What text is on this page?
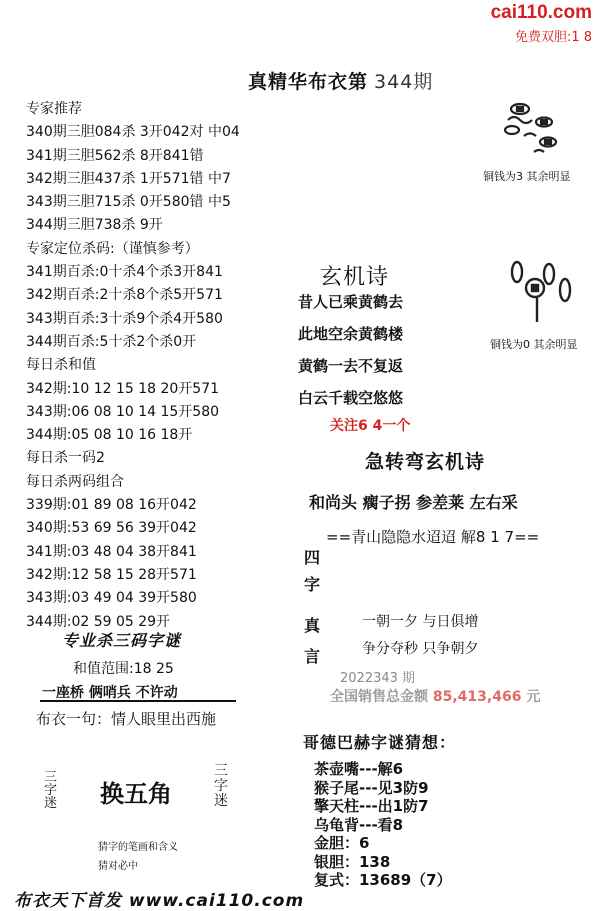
cai110.com
免费双胆:1 8
真精华布衣第 344期
专家推荐
340期三胆084杀 3开042对 中04
341期三胆562杀 8开841错
342期三胆437杀 1开571错 中7
343期三胆715杀 0开580错 中5
344期三胆738杀 9开
专家定位杀码:（谨慎参考）
341期百杀:0十杀4个杀3开841
342期百杀:2十杀8个杀5开571
343期百杀:3十杀9个杀4开580
344期百杀:5十杀2个杀0开
每日杀和值
342期:10 12 15 18 20开571
343期:06 08 10 14 15开580
344期:05 08 10 16 18开
每日杀一码2
每日杀两码组合
339期:01 89 08 16开042
340期:53 69 56 39开042
341期:03 48 04 38开841
342期:12 58 15 28开571
343期:03 49 04 39开580
344期:02 59 05 29开
铜钱为3 其余明显
铜钱为0 其余明显
玄机诗
昔人已乘黄鹤去
此地空余黄鹤楼
黄鹤一去不复返
白云千载空悠悠
关注6 4一个
急转弯玄机诗
和尚头 瘸子拐 参差莱 左右采
==青山隐隐水迢迢 解8 1 7==
四
字
真
言
一朝一夕 与日俱增
争分夺秒 只争朝夕
2022343 期
全国销售总金额 85,413,466 元
哥德巴赫字谜猜想：
茶壶嘴---解6
猴子尾---见3防9
擎天柱---出1防7
乌龟背---看8
金胆：6
银胆：138
复式：13689（7）
专业杀三码字谜
和值范围:18 25
一座桥 俩哨兵 不许动
布衣一句：情人眼里出西施
三
字
迷 换五角
三
字
迷
猜字的笔画和含义
猜对必中
布衣天下首发 www.cai110.com
